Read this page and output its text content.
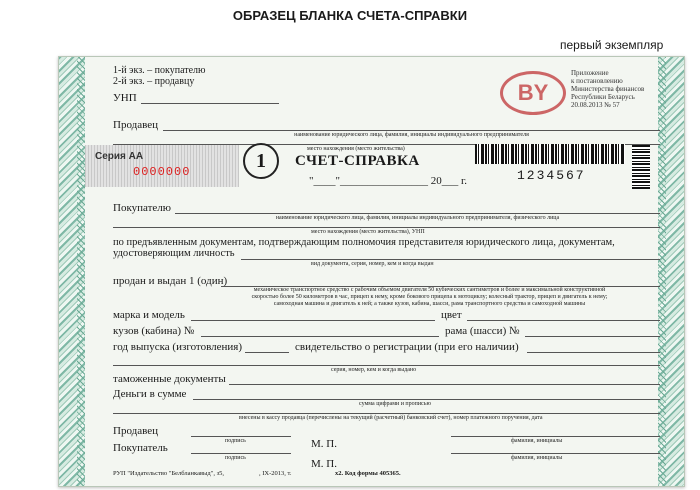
ОБРАЗЕЦ БЛАНКА СЧЕТА-СПРАВКИ
первый экземпляр
1-й экз. – покупателю
2-й экз. – продавцу
УНП	BY
Приложение
к постановлению
Министерства финансов
Республики Беларусь
20.08.2013 № 57
Продавец
наименование юридического лица, фамилия, инициалы индивидуального предпринимателя
место нахождения (место жительства)
Серия АА
0000000	1	СЧЕТ-СПРАВКА
"____"________________ 20___ г.	1234567
Покупателю
наименование юридического лица, фамилия, инициалы индивидуального предпринимателя, физического лица
место нахождения (место жительства), УНП
по предъявленным документам, подтверждающим полномочия представителя юридического лица, документам,
удостоверяющим личность
вид документа, серия, номер, кем и когда выдан
продан и выдан 1 (один)
механическое транспортное средство с рабочим объемом двигателя 50 кубических сантиметров и более и максимальной конструктивной
скоростью более 50 километров в час, прицеп к нему, кроме бокового прицепа к мотоциклу; колесный трактор, прицеп и двигатель к нему;
самоходная машина и двигатель к ней; а также кузов, кабина, шасси, рама транспортного средства и самоходной машины
марка и модель	цвет
кузов (кабина) №	рама (шасси) №
год выпуска (изготовления)	свидетельство о регистрации (при его наличии)
серия, номер, кем и когда выдано
таможенные документы
Деньги в сумме
сумма цифрами и прописью
внесены в кассу продавца (перечислены на текущий (расчетный) банковский счет), номер платежного поручения, дата
Продавец
подпись	М. П.	фамилия, инициалы
Покупатель
подпись	М. П.	фамилия, инициалы
РУП "Издательство "Белбланкавыд", з5,	, IX-2013, т.	х2. Код формы 405365.
